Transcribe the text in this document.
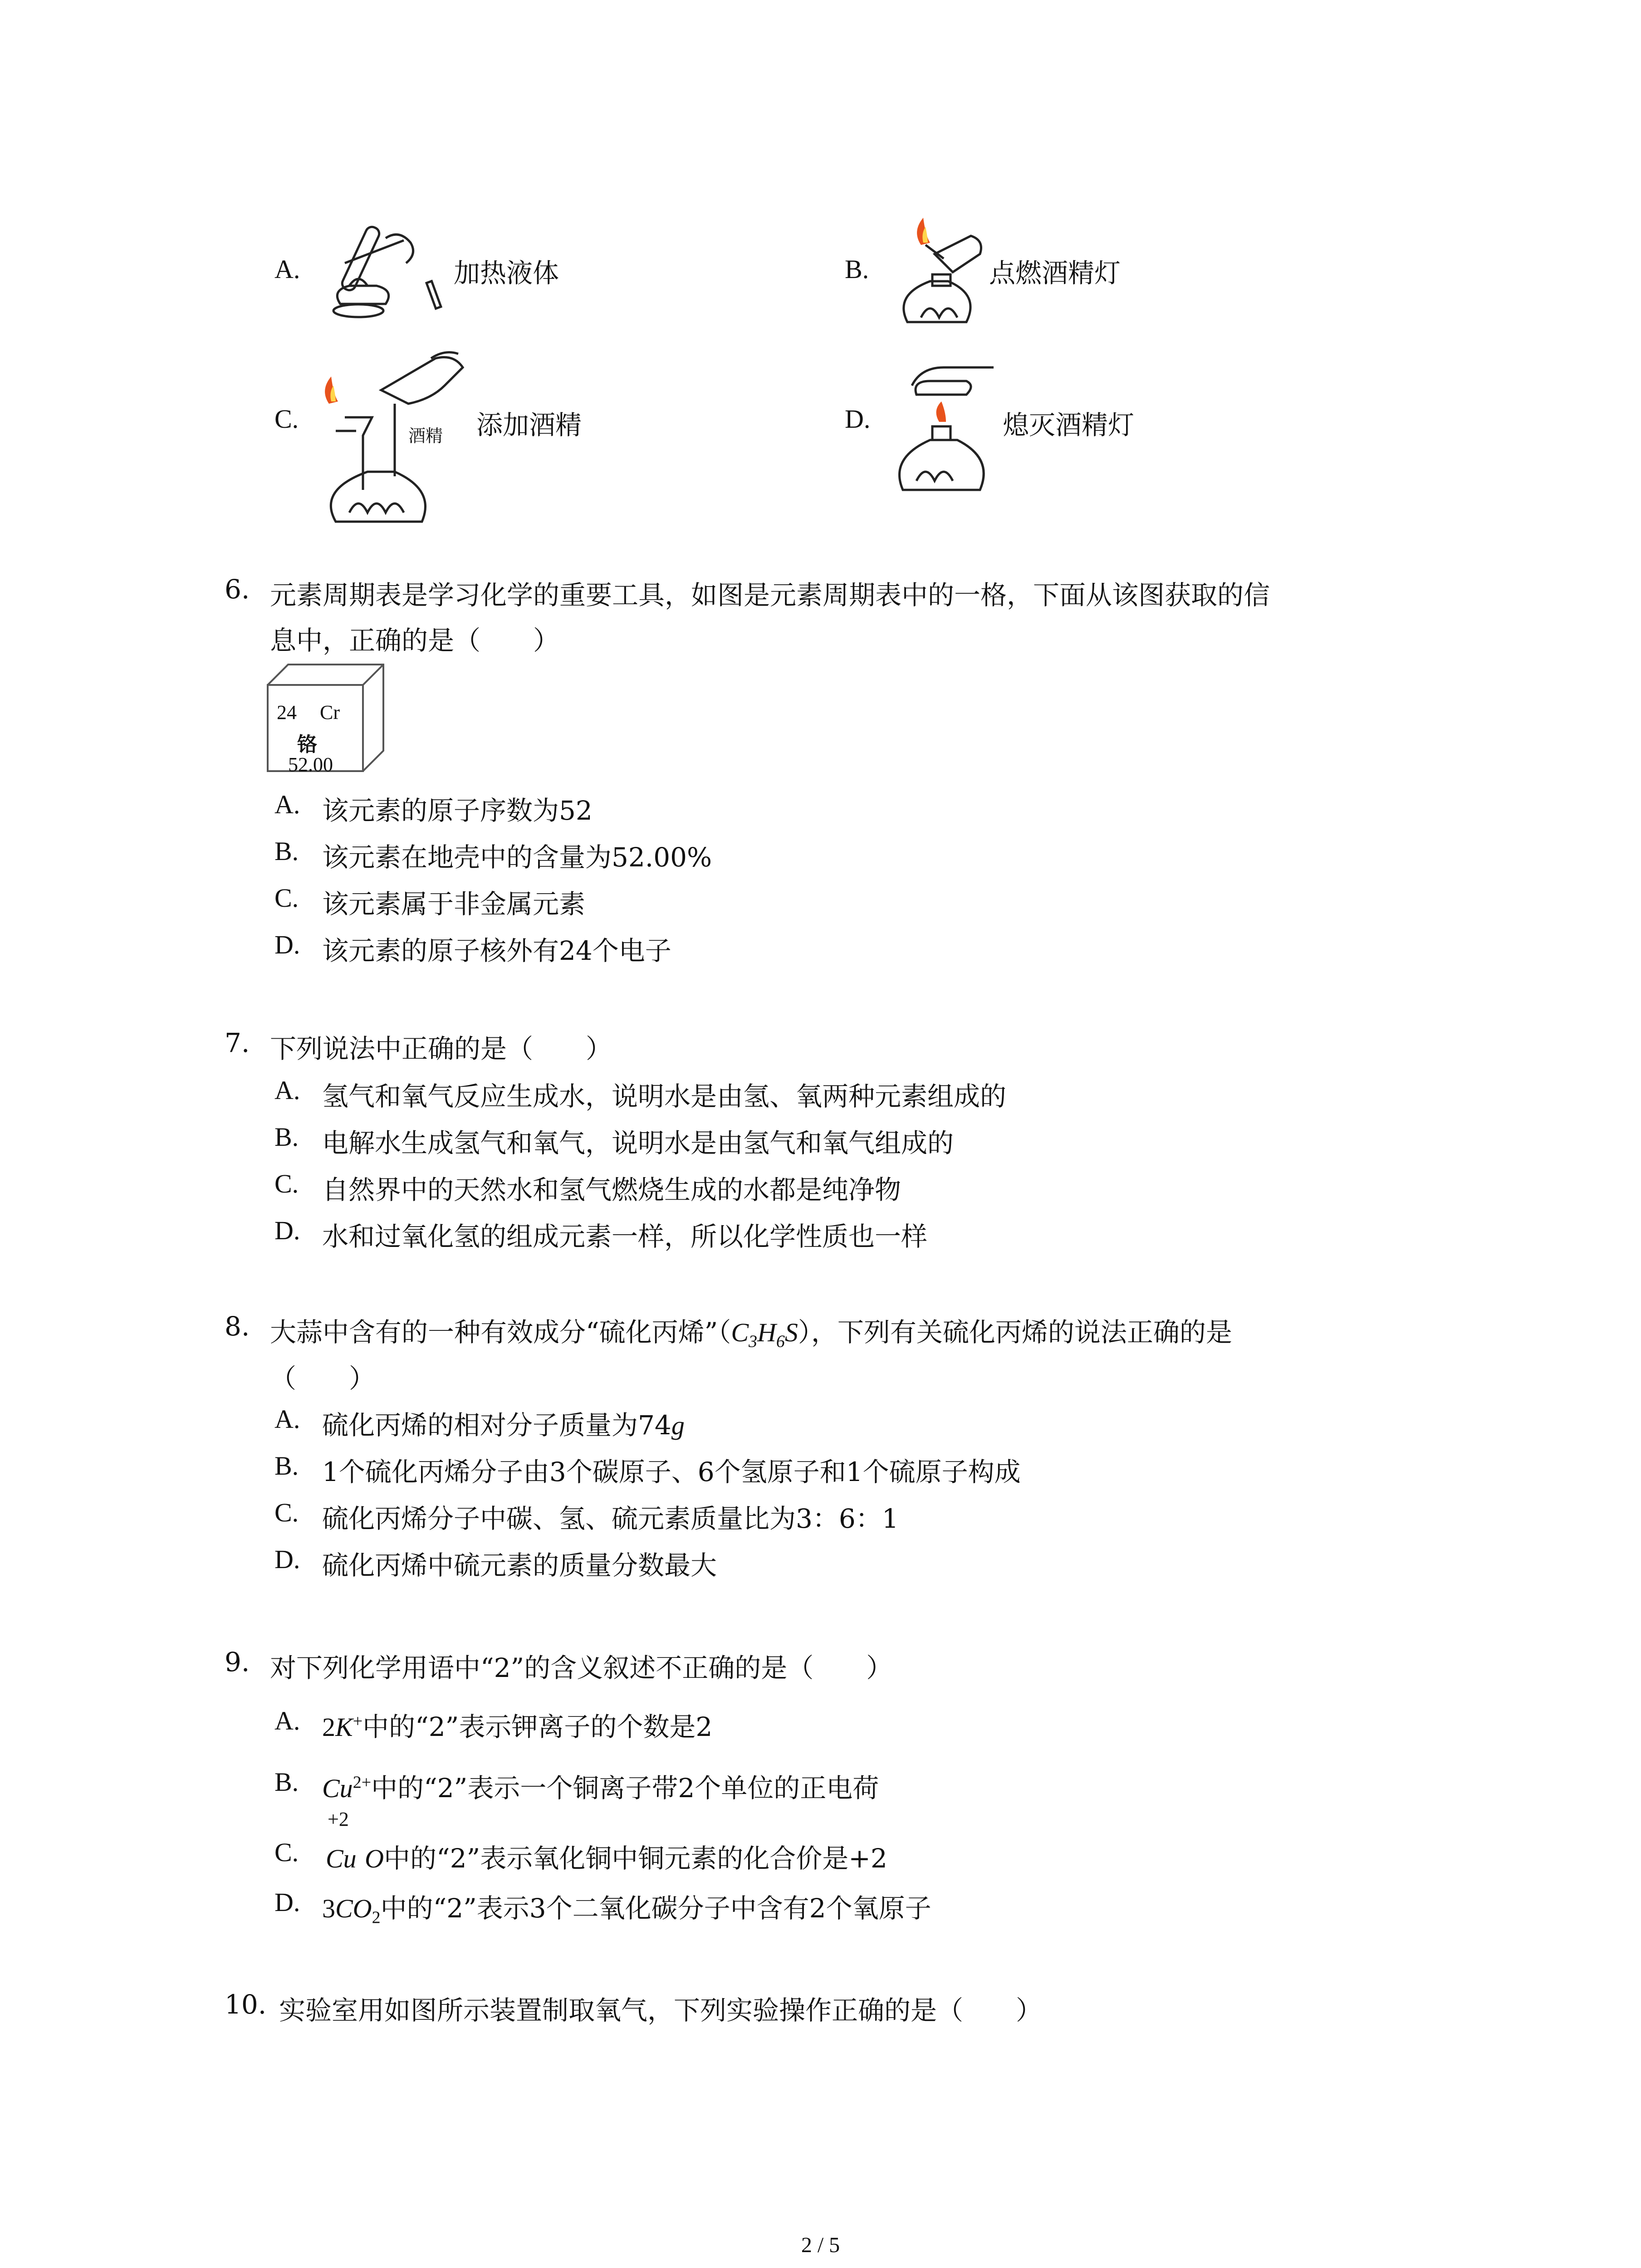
A.	加热液体	B.	点燃酒精灯
C.
酒精 添加酒精	D.	熄灭酒精灯
6. 元素周期表是学习化学的重要工具，如图是元素周期表中的一格，下面从该图获取的信
息中，正确的是（　　）
24 Cr
铬
52.00
A. 该元素的原子序数为52
B. 该元素在地壳中的含量为52.00%
C. 该元素属于非金属元素
D. 该元素的原子核外有24个电子
7. 下列说法中正确的是（　　）
A. 氢气和氧气反应生成水，说明水是由氢、氧两种元素组成的
B. 电解水生成氢气和氧气，说明水是由氢气和氧气组成的
C. 自然界中的天然水和氢气燃烧生成的水都是纯净物
D. 水和过氧化氢的组成元素一样，所以化学性质也一样
8. 大蒜中含有的一种有效成分“硫化丙烯$”(C_3H_6S)$，下列有关硫化丙烯的说法正确的是
（　　）
A. 硫化丙烯的相对分子质量为74g
B. 1个硫化丙烯分子由3个碳原子、6个氢原子和1个硫原子构成
C. 硫化丙烯分子中碳、氢、硫元素质量比为3：6：1
D. 硫化丙烯中硫元素的质量分数最大
9. 对下列化学用语中“2”的含义叙述不正确的是（　　）
A. 2K+中的“2”表示钾离子的个数是2
B. $Cu^{2+}$中的“2”表示一个铜离子带2个单位的正电荷
C.
+2
Cu O中的“2”表示氧化铜中铜元素的化合价是+2
D. $3CO_2$中的“2”表示3个二氧化碳分子中含有2个氧原子
10. 实验室用如图所示装置制取氧气，下列实验操作正确的是（　　）
2 / 5
